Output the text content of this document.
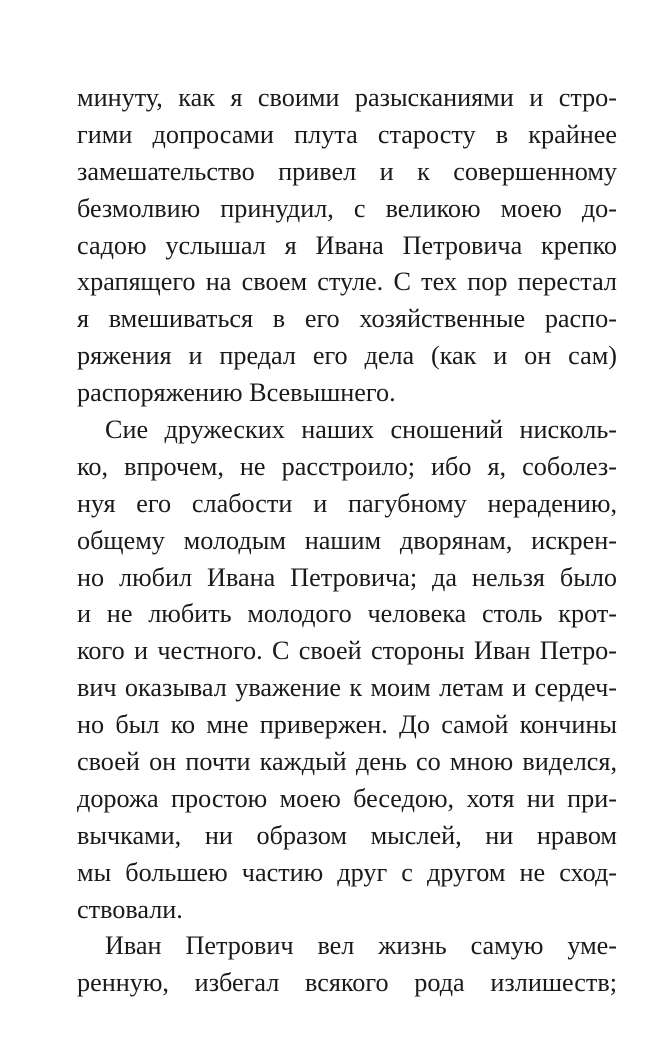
минуту, как я своими разысканиями и стро-
гими допросами плута старосту в крайнее
замешательство привел и к совершенному
безмолвию принудил, с великою моею до-
садою услышал я Ивана Петровича крепко
храпящего на своем стуле. С тех пор перестал
я вмешиваться в его хозяйственные распо-
ряжения и предал его дела (как и он сам)
распоряжению Всевышнего.
Сие дружеских наших сношений нисколь-
ко, впрочем, не расстроило; ибо я, соболез-
нуя его слабости и пагубному нерадению,
общему молодым нашим дворянам, искрен-
но любил Ивана Петровича; да нельзя было
и не любить молодого человека столь крот-
кого и честного. С своей стороны Иван Петро-
вич оказывал уважение к моим летам и сердеч-
но был ко мне привержен. До самой кончины
своей он почти каждый день со мною виделся,
дорожа простою моею беседою, хотя ни при-
вычками, ни образом мыслей, ни нравом
мы большею частию друг с другом не сход-
ствовали.
Иван Петрович вел жизнь самую уме-
ренную, избегал всякого рода излишеств;
